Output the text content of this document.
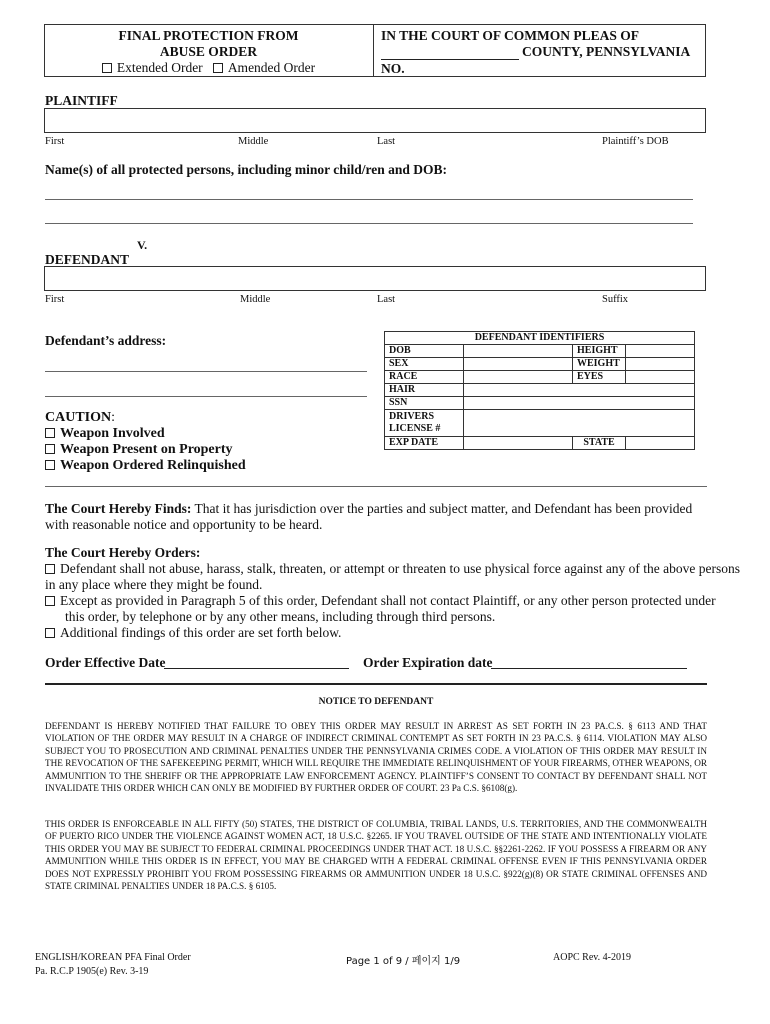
FINAL PROTECTION FROM
ABUSE ORDER
Extended Order Amended Order
IN THE COURT OF COMMON PLEAS OF
COUNTY, PENNSYLVANIA
NO.
PLAINTIFF
First	Middle	Last	Plaintiff’s DOB
Name(s) of all protected persons, including minor child/ren and DOB:
V.
DEFENDANT
First	Middle	Last	Suffix
Defendant’s address:	DEFENDANT IDENTIFIERS			
DOB		HEIGHT	
SEX		WEIGHT	
RACE		EYES	
HAIR			
SSN			

DRIVERS
LICENSE #			

EXP DATE		STATE	
CAUTION:
Weapon Involved
Weapon Present on Property
Weapon Ordered Relinquished
The Court Hereby Finds: That it has jurisdiction over the parties and subject matter, and Defendant has been provided with reasonable notice and opportunity to be heard.
The Court Hereby Orders:
Defendant shall not abuse, harass, stalk, threaten, or attempt or threaten to use physical force against any of the above persons in any place where they might be found.
Except as provided in Paragraph 5 of this order, Defendant shall not contact Plaintiff, or any other person protected under
this order, by telephone or by any other means, including through third persons.
Additional findings of this order are set forth below.
Order Effective Date	Order Expiration date
NOTICE TO DEFENDANT
DEFENDANT IS HEREBY NOTIFIED THAT FAILURE TO OBEY THIS ORDER MAY RESULT IN ARREST AS SET FORTH IN 23 PA.C.S. § 6113 AND THAT VIOLATION OF THE ORDER MAY RESULT IN A CHARGE OF INDIRECT CRIMINAL CONTEMPT AS SET FORTH IN 23 PA.C.S. § 6114. VIOLATION MAY ALSO SUBJECT YOU TO PROSECUTION AND CRIMINAL PENALTIES UNDER THE PENNSYLVANIA CRIMES CODE. A VIOLATION OF THIS ORDER MAY RESULT IN THE REVOCATION OF THE SAFEKEEPING PERMIT, WHICH WILL REQUIRE THE IMMEDIATE RELINQUISHMENT OF YOUR FIREARMS, OTHER WEAPONS, OR AMMUNITION TO THE SHERIFF OR THE APPROPRIATE LAW ENFORCEMENT AGENCY. PLAINTIFF’S CONSENT TO CONTACT BY DEFENDANT SHALL NOT INVALIDATE THIS ORDER WHICH CAN ONLY BE MODIFIED BY FURTHER ORDER OF COURT. 23 Pa C.S. §6108(g).
THIS ORDER IS ENFORCEABLE IN ALL FIFTY (50) STATES, THE DISTRICT OF COLUMBIA, TRIBAL LANDS, U.S. TERRITORIES, AND THE COMMONWEALTH OF PUERTO RICO UNDER THE VIOLENCE AGAINST WOMEN ACT, 18 U.S.C. §2265. IF YOU TRAVEL OUTSIDE OF THE STATE AND INTENTIONALLY VIOLATE THIS ORDER YOU MAY BE SUBJECT TO FEDERAL CRIMINAL PROCEEDINGS UNDER THAT ACT. 18 U.S.C. §§2261-2262. IF YOU POSSESS A FIREARM OR ANY AMMUNITION WHILE THIS ORDER IS IN EFFECT, YOU MAY BE CHARGED WITH A FEDERAL CRIMINAL OFFENSE EVEN IF THIS PENNSYLVANIA ORDER DOES NOT EXPRESSLY PROHIBIT YOU FROM POSSESSING FIREARMS OR AMMUNITION UNDER 18 U.S.C. §922(g)(8) OR STATE CRIMINAL OFFENSES AND STATE CRIMINAL PENALTIES UNDER 18 PA.C.S. § 6105.
ENGLISH/KOREAN PFA Final Order
Pa. R.C.P 1905(e) Rev. 3-19
Page 1 of 9 / 페이지 1/9	AOPC Rev. 4-2019
